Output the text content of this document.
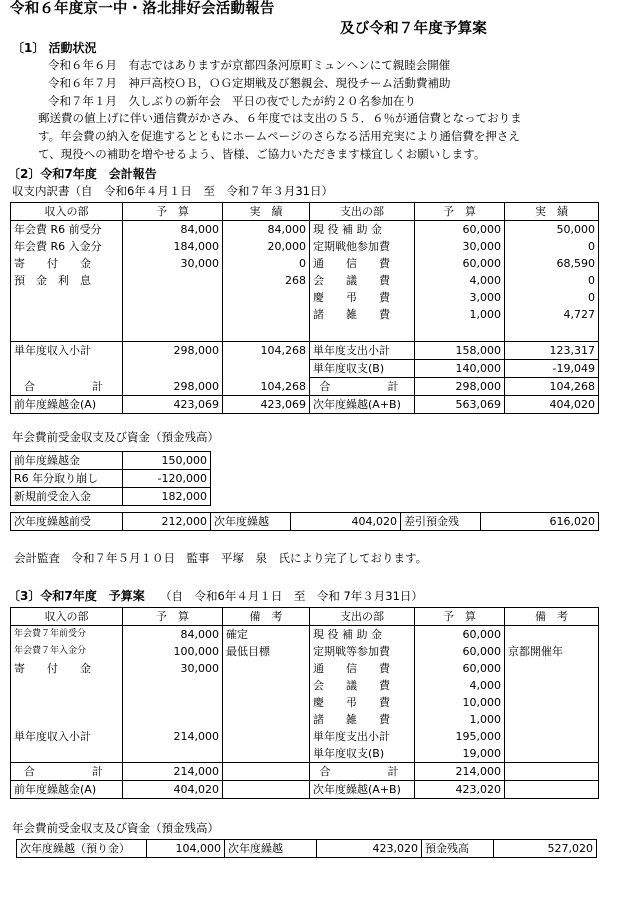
令和６年度京一中・洛北排好会活動報告
及び令和７年度予算案
〔1〕 活動状況
令和６年６月　有志ではありますが京都四条河原町ミュンヘンにて親睦会開催
令和６年７月　神戸高校ＯＢ，ＯＧ定期戦及び懇親会、現役チーム活動費補助
令和７年１月　久しぶりの新年会　平日の夜でしたが約２０名参加在り
郵送費の値上げに伴い通信費がかさみ、６年度では支出の５５．６％が通信費となっておりま
す。年会費の納入を促進するとともにホームページのさらなる活用充実により通信費を押さえ
て、現役への補助を増やせるよう、皆様、ご協力いただきます様宜しくお願いします。
〔2〕令和7年度　会計報告
収支内訳書（自　令和6年４月１日　至　令和７年３月31日）
収入の部	予　算	実　績	支出の部	予　算	実　績
年会費 R6 前受分	84,000	84,000	現 役 補 助 金	60,000	50,000
年会費 R6 入金分	184,000	20,000	定期戦他参加費	30,000	0
寄　　付　　金	30,000	0	通　　信　　費	60,000	68,590
預　金　利　息		268	会　　議　　費	4,000	0
			慶　　弔　　費	3,000	0
			諸　　雑　　費	1,000	4,727

単年度収入小計	298,000	104,268	単年度支出小計	158,000	123,317
			単年度収支(B)	140,000	-19,049
合　　　計	298,000	104,268	合　　　計	298,000	104,268
前年度繰越金(A)	423,069	423,069	次年度繰越(A+B)	563,069	404,020
年会費前受金収支及び資金（預金残高）
前年度繰越金	150,000
R6 年分取り崩し	-120,000
新規前受金入金	182,000
次年度繰越前受	212,000	次年度繰越	404,020	差引預金残	616,020
会計監査　令和７年５月１０日　監事　平塚　泉　氏により完了しております。
〔3〕令和7年度　予算案 （自　令和6年４月１日　至　令和 7年３月31日）
収入の部	予　算	備　考	支出の部	予　算	備　考
年会費７年前受分	84,000	確定	現 役 補 助 金	60,000	
年会費７年入金分	100,000	最低目標	定期戦等参加費	60,000	京都開催年
寄　　付　　金	30,000		通　　信　　費	60,000	
			会　　議　　費	4,000	
			慶　　弔　　費	10,000	
			諸　　雑　　費	1,000	
単年度収入小計	214,000		単年度支出小計	195,000	
			単年度収支(B)	19,000	
合　　　計	214,000		合　　　計	214,000	
前年度繰越金(A)	404,020		次年度繰越(A+B)	423,020	
年会費前受金収支及び資金（預金残高）
次年度繰越（預り金）	104,000	次年度繰越	423,020	預金残高	527,020
